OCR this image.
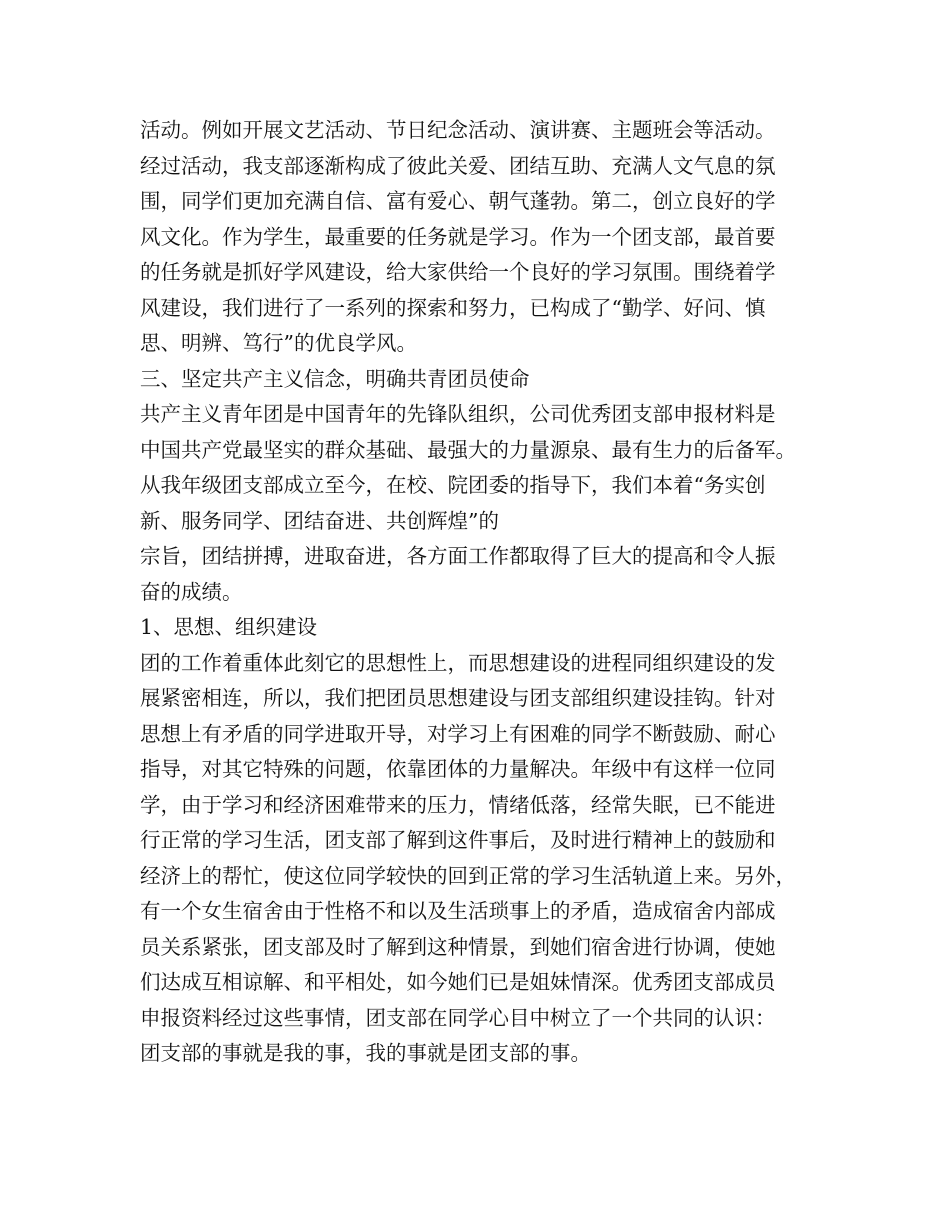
活动。例如开展文艺活动、节日纪念活动、演讲赛、主题班会等活动。
经过活动，我支部逐渐构成了彼此关爱、团结互助、充满人文气息的氛
围，同学们更加充满自信、富有爱心、朝气蓬勃。第二，创立良好的学
风文化。作为学生，最重要的任务就是学习。作为一个团支部，最首要
的任务就是抓好学风建设，给大家供给一个良好的学习氛围。围绕着学
风建设，我们进行了一系列的探索和努力，已构成了“勤学、好问、慎
思、明辨、笃行”的优良学风。
三、坚定共产主义信念，明确共青团员使命
共产主义青年团是中国青年的先锋队组织，公司优秀团支部申报材料是
中国共产党最坚实的群众基础、最强大的力量源泉、最有生力的后备军。
从我年级团支部成立至今，在校、院团委的指导下，我们本着“务实创
新、服务同学、团结奋进、共创辉煌”的
宗旨，团结拼搏，进取奋进，各方面工作都取得了巨大的提高和令人振
奋的成绩。
1、思想、组织建设
团的工作着重体此刻它的思想性上，而思想建设的进程同组织建设的发
展紧密相连，所以，我们把团员思想建设与团支部组织建设挂钩。针对
思想上有矛盾的同学进取开导，对学习上有困难的同学不断鼓励、耐心
指导，对其它特殊的问题，依靠团体的力量解决。年级中有这样一位同
学，由于学习和经济困难带来的压力，情绪低落，经常失眠，已不能进
行正常的学习生活，团支部了解到这件事后，及时进行精神上的鼓励和
经济上的帮忙，使这位同学较快的回到正常的学习生活轨道上来。另外，
有一个女生宿舍由于性格不和以及生活琐事上的矛盾，造成宿舍内部成
员关系紧张，团支部及时了解到这种情景，到她们宿舍进行协调，使她
们达成互相谅解、和平相处，如今她们已是姐妹情深。优秀团支部成员
申报资料经过这些事情，团支部在同学心目中树立了一个共同的认识：
团支部的事就是我的事，我的事就是团支部的事。
